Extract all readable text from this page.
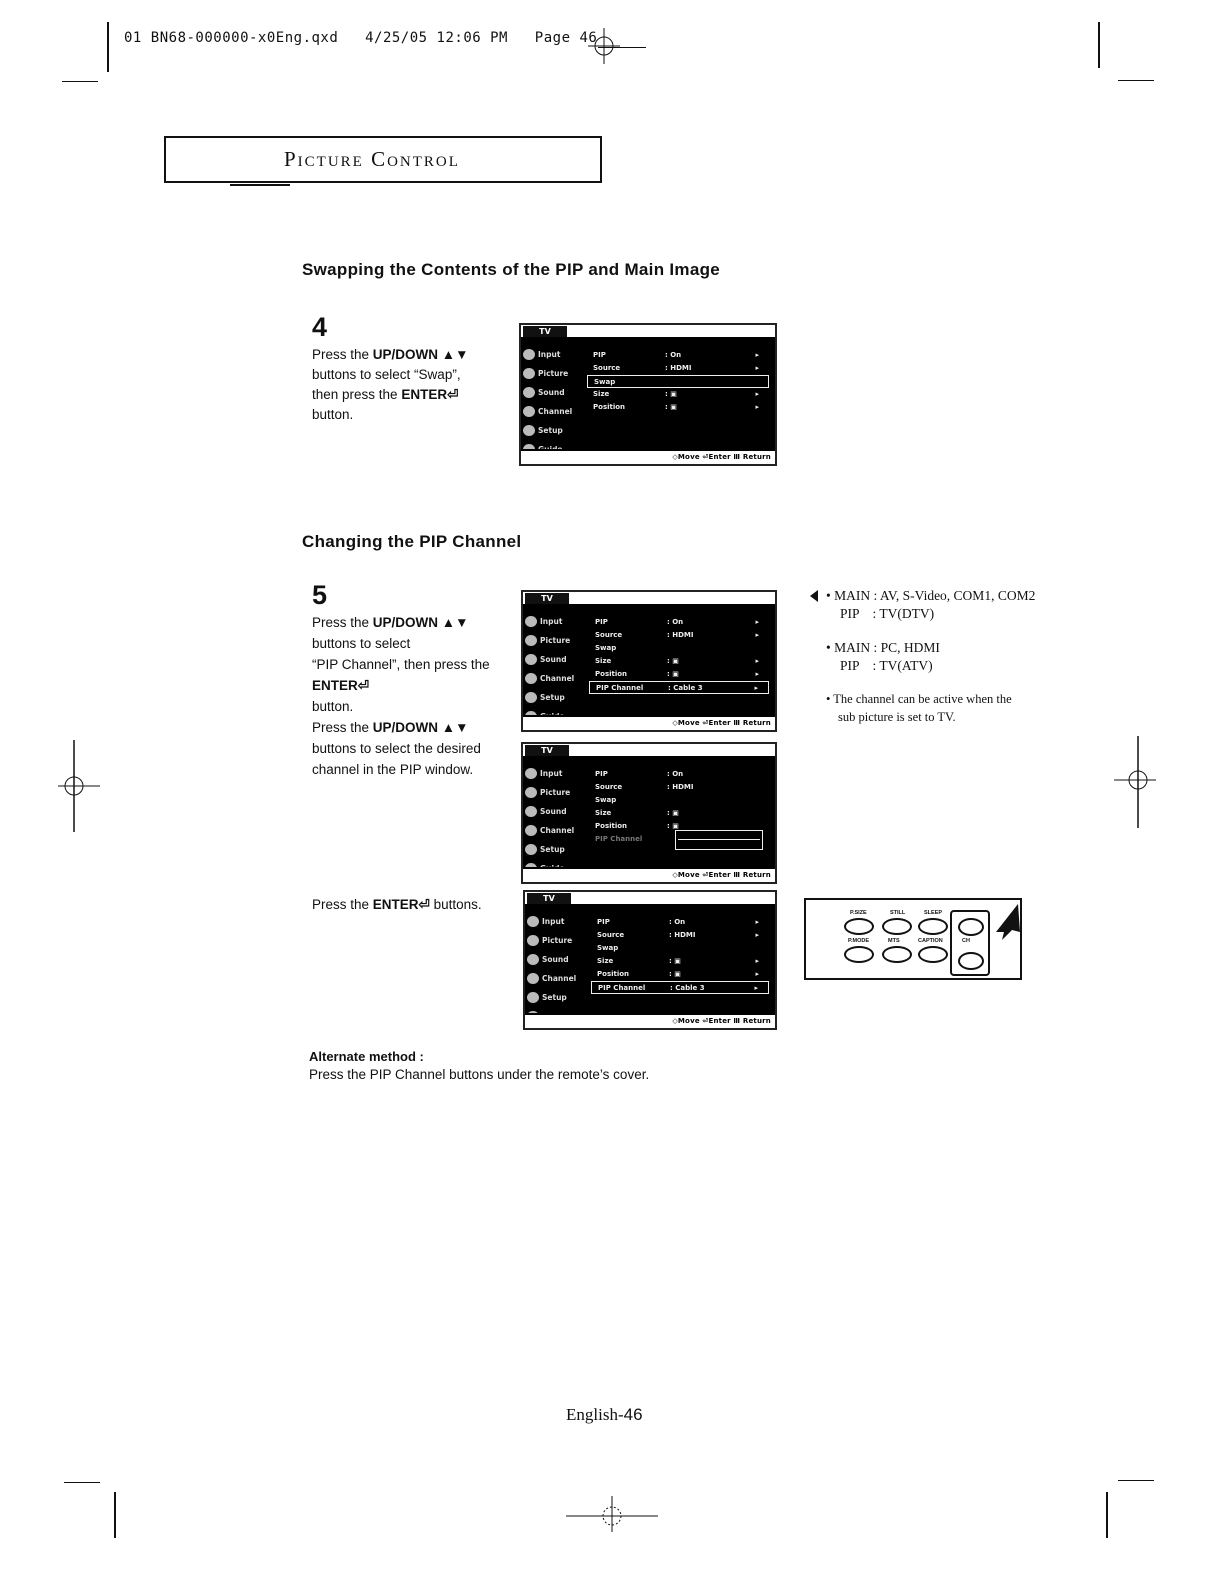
01 BN68-000000-x0Eng.qxd 4/25/05 12:06 PM Page 46
Picture Control
Swapping the Contents of the PIP and Main Image
4
Press the UP/DOWN ▲▼
buttons to select “Swap”,
then press the ENTER⏎
button.
TV
Input
Picture
Sound
Channel
Setup
PIP	: On	▸
Source	: HDMI	▸
Swap
Size	: ▣	▸
Position	: ▣	▸
◇Move ⏎Enter Ⅲ Return
Changing the PIP Channel
5
Press the UP/DOWN ▲▼
buttons to select
“PIP Channel”, then press the
ENTER⏎
button.
Press the UP/DOWN ▲▼
buttons to select the desired
channel in the PIP window.
Press the ENTER⏎ buttons.
TV
Input
Picture
Sound
Channel
Setup
PIP	: On	▸
Source	: HDMI	▸
Swap
Size	: ▣	▸
Position	: ▣	▸
PIP Channel	: Cable 3	▸
◇Move ⏎Enter Ⅲ Return
TV
Input
Picture
Sound
Channel
Setup
PIP	: On
Source	: HDMI
Swap
Size	: ▣
Position	: ▣
PIP Channel
◇Move ⏎Enter Ⅲ Return
TV
Input
Picture
Sound
Channel
Setup
PIP	: On	▸
Source	: HDMI	▸
Swap
Size	: ▣	▸
Position	: ▣	▸
PIP Channel	: Cable 3	▸
◇Move ⏎Enter Ⅲ Return
• MAIN : AV, S-Video, COM1, COM2
PIP    : TV(DTV)
• MAIN : PC, HDMI
PIP    : TV(ATV)
• The channel can be active when the
sub picture is set to TV.
P.SIZE	STILL	SLEEP
P.MODE	MTS	CAPTION	CH
Alternate method :
Press the PIP Channel buttons under the remote’s cover.
English-46
